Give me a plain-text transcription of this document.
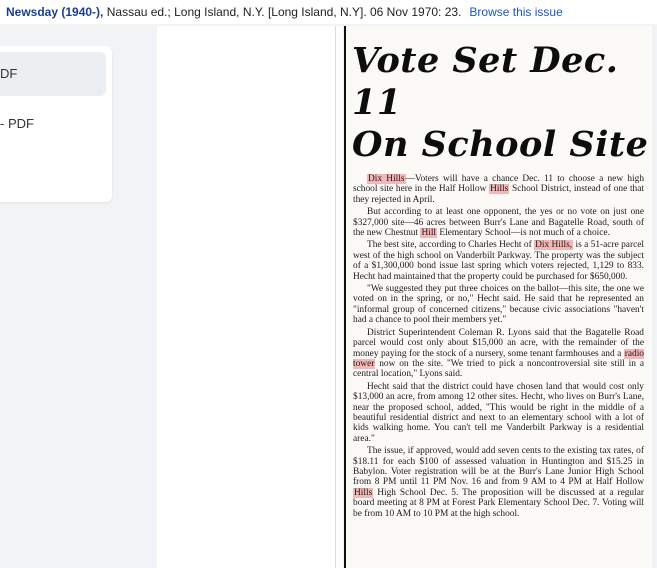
Newsday (1940-), Nassau ed.; Long Island, N.Y. [Long Island, N.Y]. 06 Nov 1970: 23. Browse this issue
DF
- PDF
Vote Set Dec. 11
On School Site

Dix Hills—Voters will have a chance Dec. 11 to choose a new high school site here in the Half Hollow Hills School District, instead of one that they rejected in April.

But according to at least one opponent, the yes or no vote on just one $327,000 site—46 acres between Burr's Lane and Bagatelle Road, south of the new Chestnut Hill Elementary School—is not much of a choice.

The best site, according to Charles Hecht of Dix Hills, is a 51-acre parcel west of the high school on Vanderbilt Parkway. The property was the subject of a $1,300,000 bond issue last spring which voters rejected, 1,129 to 833. Hecht had maintained that the property could be purchased for $650,000.

"We suggested they put three choices on the ballot—this site, the one we voted on in the spring, or no," Hecht said. He said that he represented an "informal group of concerned citizens," because civic associations "haven't had a chance to pool their members yet."

District Superintendent Coleman R. Lyons said that the Bagatelle Road parcel would cost only about $15,000 an acre, with the remainder of the money paying for the stock of a nursery, some tenant farmhouses and a radio tower now on the site. "We tried to pick a noncontroversial site still in a central location," Lyons said.

Hecht said that the district could have chosen land that would cost only $13,000 an acre, from among 12 other sites. Hecht, who lives on Burr's Lane, near the proposed school, added, "This would be right in the middle of a beautiful residential district and next to an elementary school with a lot of kids walking home. You can't tell me Vanderbilt Parkway is a residential area."

The issue, if approved, would add seven cents to the existing tax rates, of $18.11 for each $100 of assessed valuation in Huntington and $15.25 in Babylon. Voter registration will be at the Burr's Lane Junior High School from 8 PM until 11 PM Nov. 16 and from 9 AM to 4 PM at Half Hollow Hills High School Dec. 5. The proposition will be discussed at a regular board meeting at 8 PM at Forest Park Elementary School Dec. 7. Voting will be from 10 AM to 10 PM at the high school.
